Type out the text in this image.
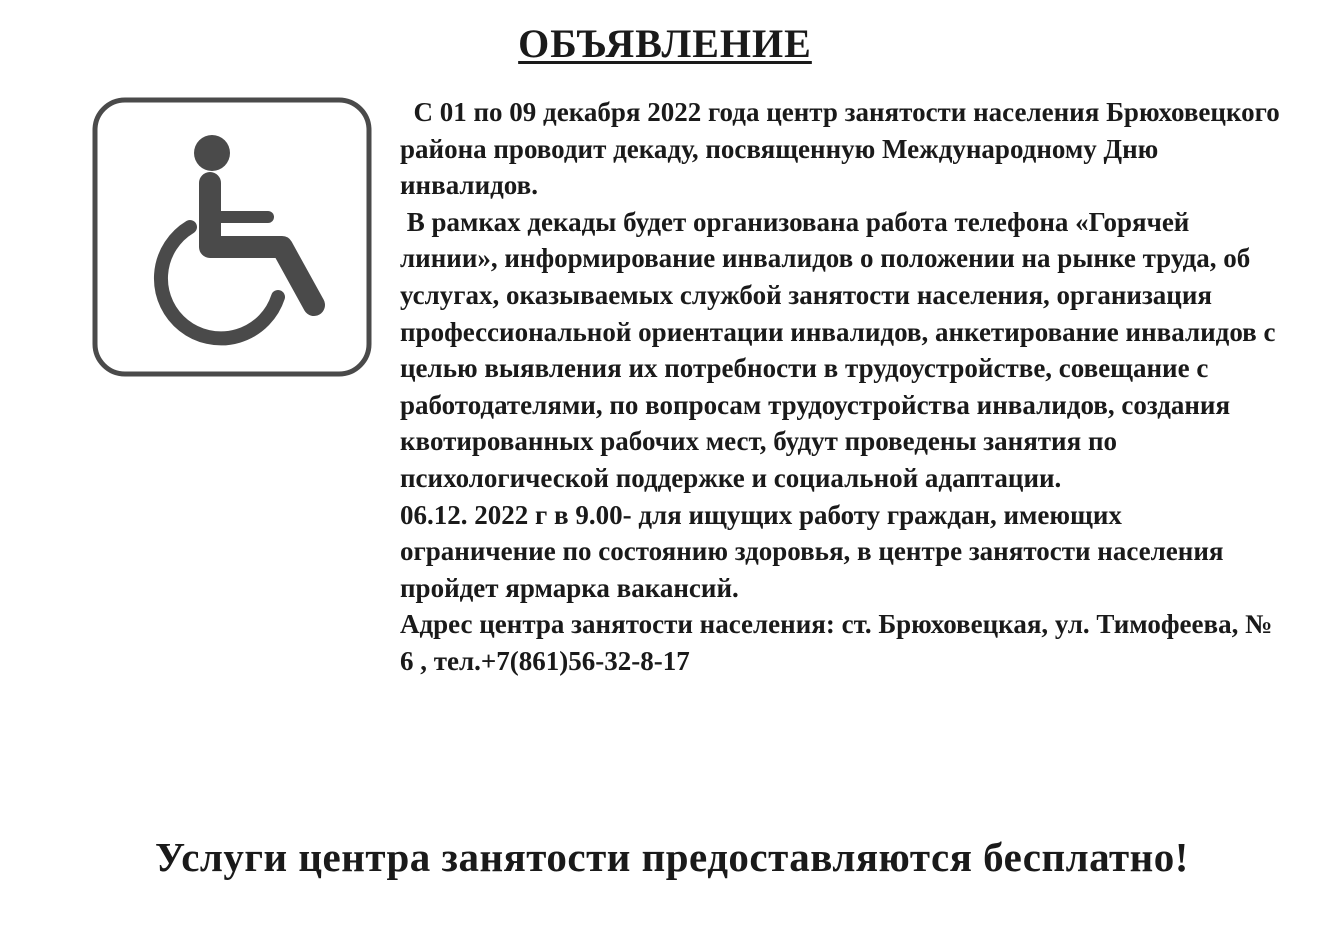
ОБЪЯВЛЕНИЕ

С 01 по 09 декабря 2022 года центр занятости населения Брюховецкого района проводит декаду, посвященную Международному Дню инвалидов.

В рамках декады будет организована работа телефона «Горячей линии», информирование инвалидов о положении на рынке труда, об услугах, оказываемых службой занятости населения, организация профессиональной ориентации инвалидов, анкетирование инвалидов с целью выявления их потребности в трудоустройстве, совещание с работодателями, по вопросам трудоустройства инвалидов, создания квотированных рабочих мест, будут проведены занятия по психологической поддержке и социальной адаптации.

06.12. 2022 г в 9.00- для ищущих работу граждан, имеющих ограничение по состоянию здоровья, в центре занятости населения пройдет ярмарка вакансий.

Адрес центра занятости населения: ст. Брюховецкая, ул. Тимофеева, № 6 , тел.+7(861)56-32-8-17

Услуги центра занятости предоставляются бесплатно!
